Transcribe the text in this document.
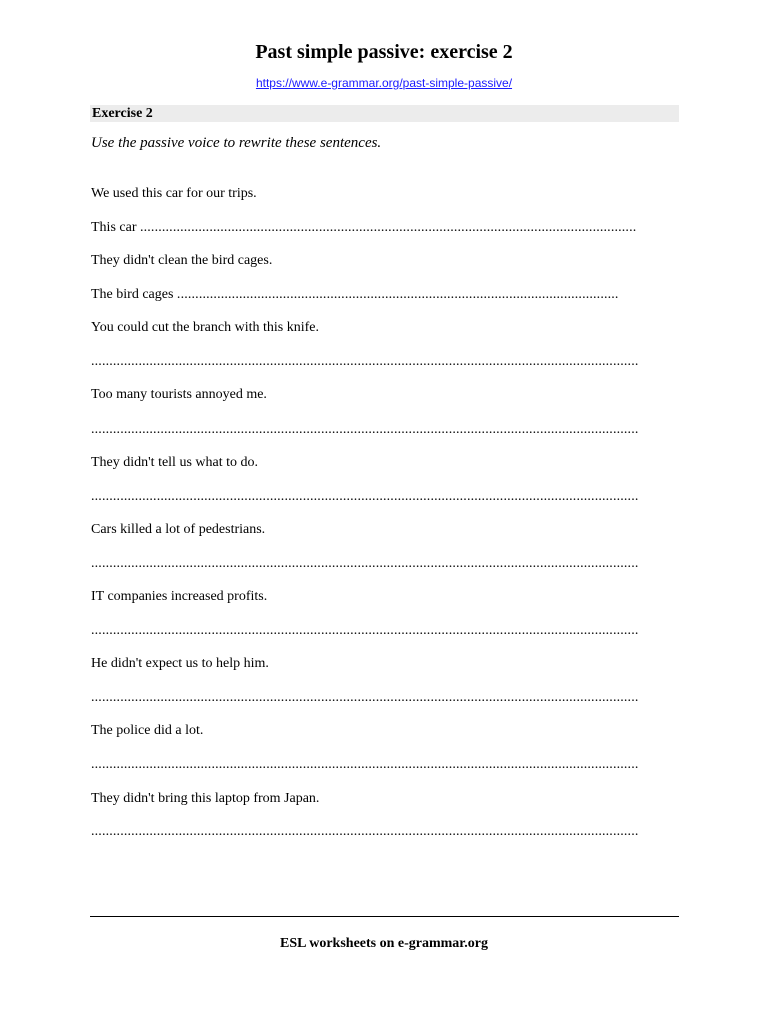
Past simple passive: exercise 2
https://www.e-grammar.org/past-simple-passive/
Exercise 2
Use the passive voice to rewrite these sentences.
We used this car for our trips.
This car ........................................................................................................................................
They didn't clean the bird cages.
The bird cages .........................................................................................................................
You could cut the branch with this knife.
......................................................................................................................................................
Too many tourists annoyed me.
......................................................................................................................................................
They didn't tell us what to do.
......................................................................................................................................................
Cars killed a lot of pedestrians.
......................................................................................................................................................
IT companies increased profits.
......................................................................................................................................................
He didn't expect us to help him.
......................................................................................................................................................
The police did a lot.
......................................................................................................................................................
They didn't bring this laptop from Japan.
......................................................................................................................................................
ESL worksheets on e-grammar.org
